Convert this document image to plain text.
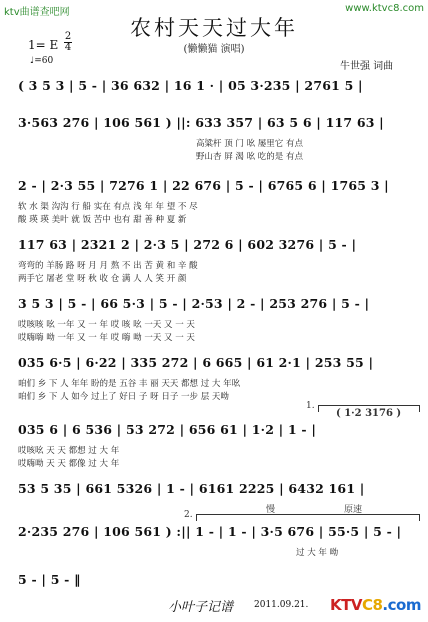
ktv曲谱查吧网	www.ktvc8.com
农村天天过大年
(懒懒猫 演唱)
1= E
2
4
♩=60	牛世强 词曲
( 3 5 3 | 5 - | 36 632 | 16 1 · | 05 3·235 | 2761 5 |
3·563 276 | 106 561 ) ||: 633 357 | 63 5 6 | 117 63 |
高粱杆 顶 门 吆 屡里它 有点
野山杏 屛 渴 吆 吃的是 有点
2 - | 2·3 55 | 7276 1 | 22 676 | 5 - | 6765 6 | 1765 3 |
软 水 渠 沟沟 行 船 实在 有点 浅 年 年 望 不 尽
酸 瑛 瑛 美叶 就 饭 苦中 也有 甜 善 种 夏 新
117 63 | 2321 2 | 2·3 5 | 272 6 | 602 3276 | 5 - |
弯弯的 羊肠 路 呀 月 月 熬 不 出 苦 黄 和 辛 酸
两手它 屠老 堂 呀 秋 收 仓 满 人 人 笑 开 颜
3 5 3 | 5 - | 66 5·3 | 5 - | 2·53 | 2 - | 253 276 | 5 - |
哎咳咳 吆 一年 又 一 年 哎 咳 吆 一天 又 一 天
哎嗨嗨 呦 一年 又 一 年 哎 嗨 呦 一天 又 一 天
035 6·5 | 6·22 | 335 272 | 6 665 | 61 2·1 | 253 55 |
咱们 乡 下 人 年年 盼的是 五谷 丰 丽 天天 都想 过 大 年吆
咱们 乡 下 人 如今 过上了 好日 子 呀 日子 一步 层 天呦
1.
( 1·2 3176 )
035 6 | 6 536 | 53 272 | 656 61 | 1·2 | 1 - |
哎咳吆 天 天 都想 过 大 年
哎嗨呦 天 天 都像 过 大 年
53 5 35 | 661 5326 | 1 - | 6161 2225 | 6432 161 |
2.	慢	原速
2·235 276 | 106 561 ) :|| 1 - | 1 - | 3·5 676 | 55·5 | 5 - |
过 大 年 呦
5 - | 5 - ‖
小叶子记谱 2011.09.21. KTVC8.com
